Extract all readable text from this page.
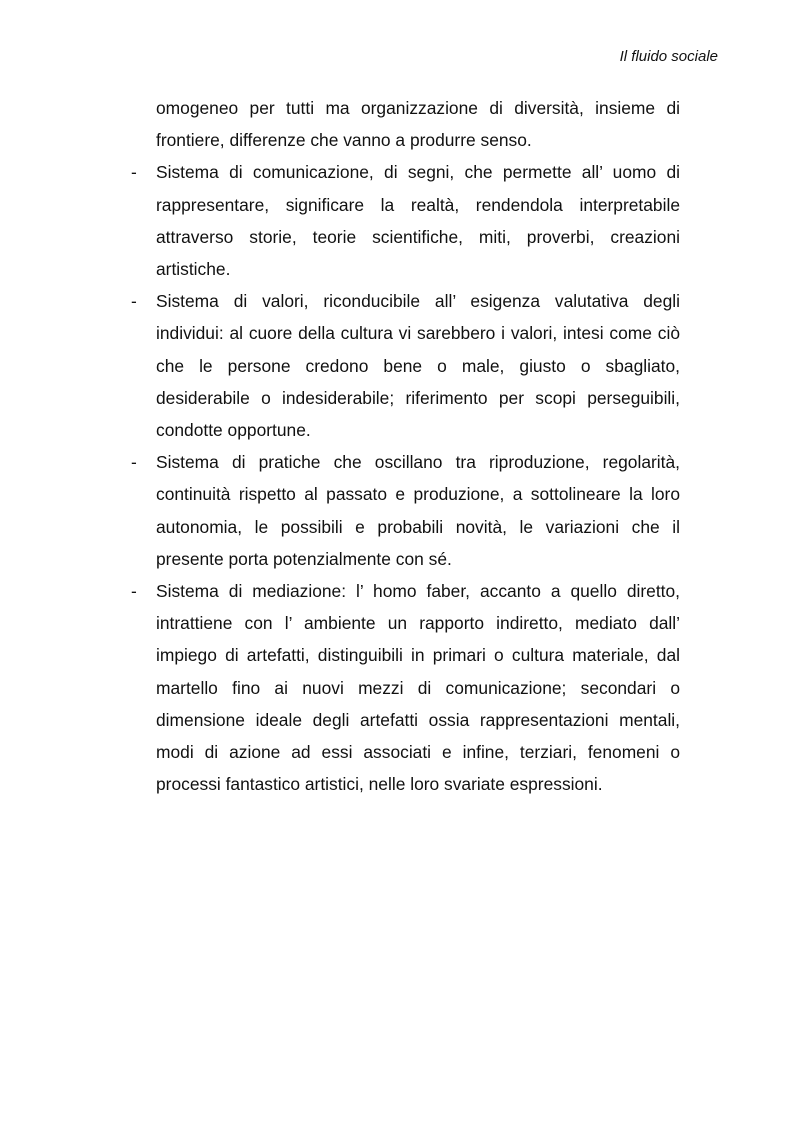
Il fluido sociale

omogeneo per tutti ma organizzazione di diversità, insieme di frontiere, differenze che vanno a produrre senso.

- Sistema di comunicazione, di segni, che permette all’ uomo di rappresentare, significare la realtà, rendendola interpretabile attraverso storie, teorie scientifiche, miti, proverbi, creazioni artistiche.
- Sistema di valori, riconducibile all’ esigenza valutativa degli individui: al cuore della cultura vi sarebbero i valori, intesi come ciò che le persone credono bene o male, giusto o sbagliato, desiderabile o indesiderabile; riferimento per scopi perseguibili, condotte opportune.
- Sistema di pratiche che oscillano tra riproduzione, regolarità, continuità rispetto al passato e produzione, a sottolineare la loro autonomia, le possibili e probabili novità, le variazioni che il presente porta potenzialmente con sé.
- Sistema di mediazione: l’ homo faber, accanto a quello diretto, intrattiene con l’ ambiente un rapporto indiretto, mediato dall’ impiego di artefatti, distinguibili in primari o cultura materiale, dal martello fino ai nuovi mezzi di comunicazione; secondari o dimensione ideale degli artefatti ossia rappresentazioni mentali, modi di azione ad essi associati e infine, terziari, fenomeni o processi fantastico artistici, nelle loro svariate espressioni.
